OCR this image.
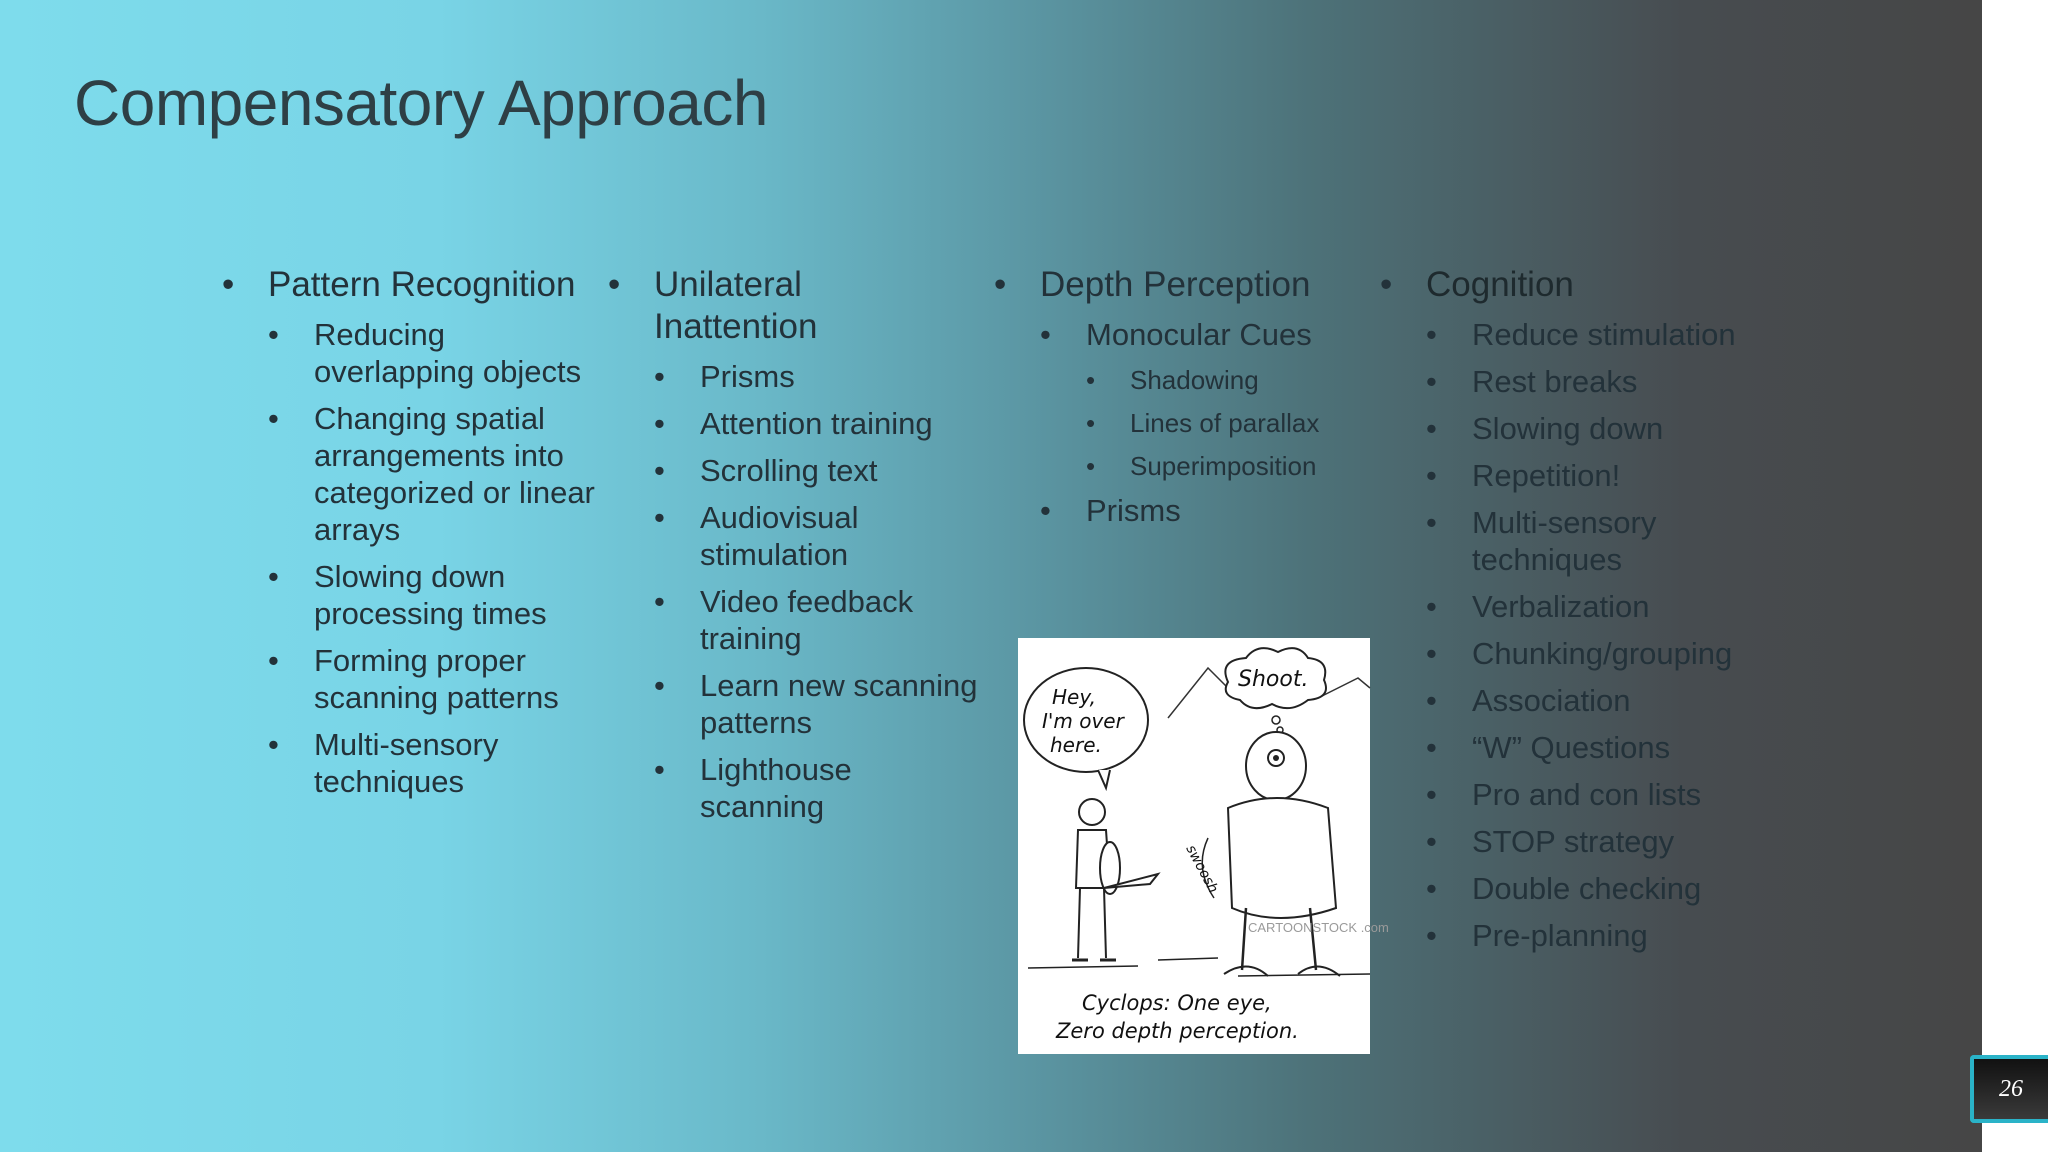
Compensatory Approach
• Pattern Recognition
• Reducing overlapping objects
• Changing spatial arrangements into categorized or linear arrays
• Slowing down processing times
• Forming proper scanning patterns
• Multi-sensory techniques
• Unilateral Inattention
• Prisms
• Attention training
• Scrolling text
• Audiovisual stimulation
• Video feedback training
• Learn new scanning patterns
• Lighthouse scanning
• Depth Perception
• Monocular Cues
• Shadowing
• Lines of parallax
• Superimposition
• Prisms
• Cognition
• Reduce stimulation
• Rest breaks
• Slowing down
• Repetition!
• Multi-sensory techniques
• Verbalization
• Chunking/grouping
• Association
• “W” Questions
• Pro and con lists
• STOP strategy
• Double checking
• Pre-planning
Hey,
I'm over
here.
Shoot.
swoosh
CARTOONSTOCK .com
Cyclops: One eye,
Zero depth perception.
26
